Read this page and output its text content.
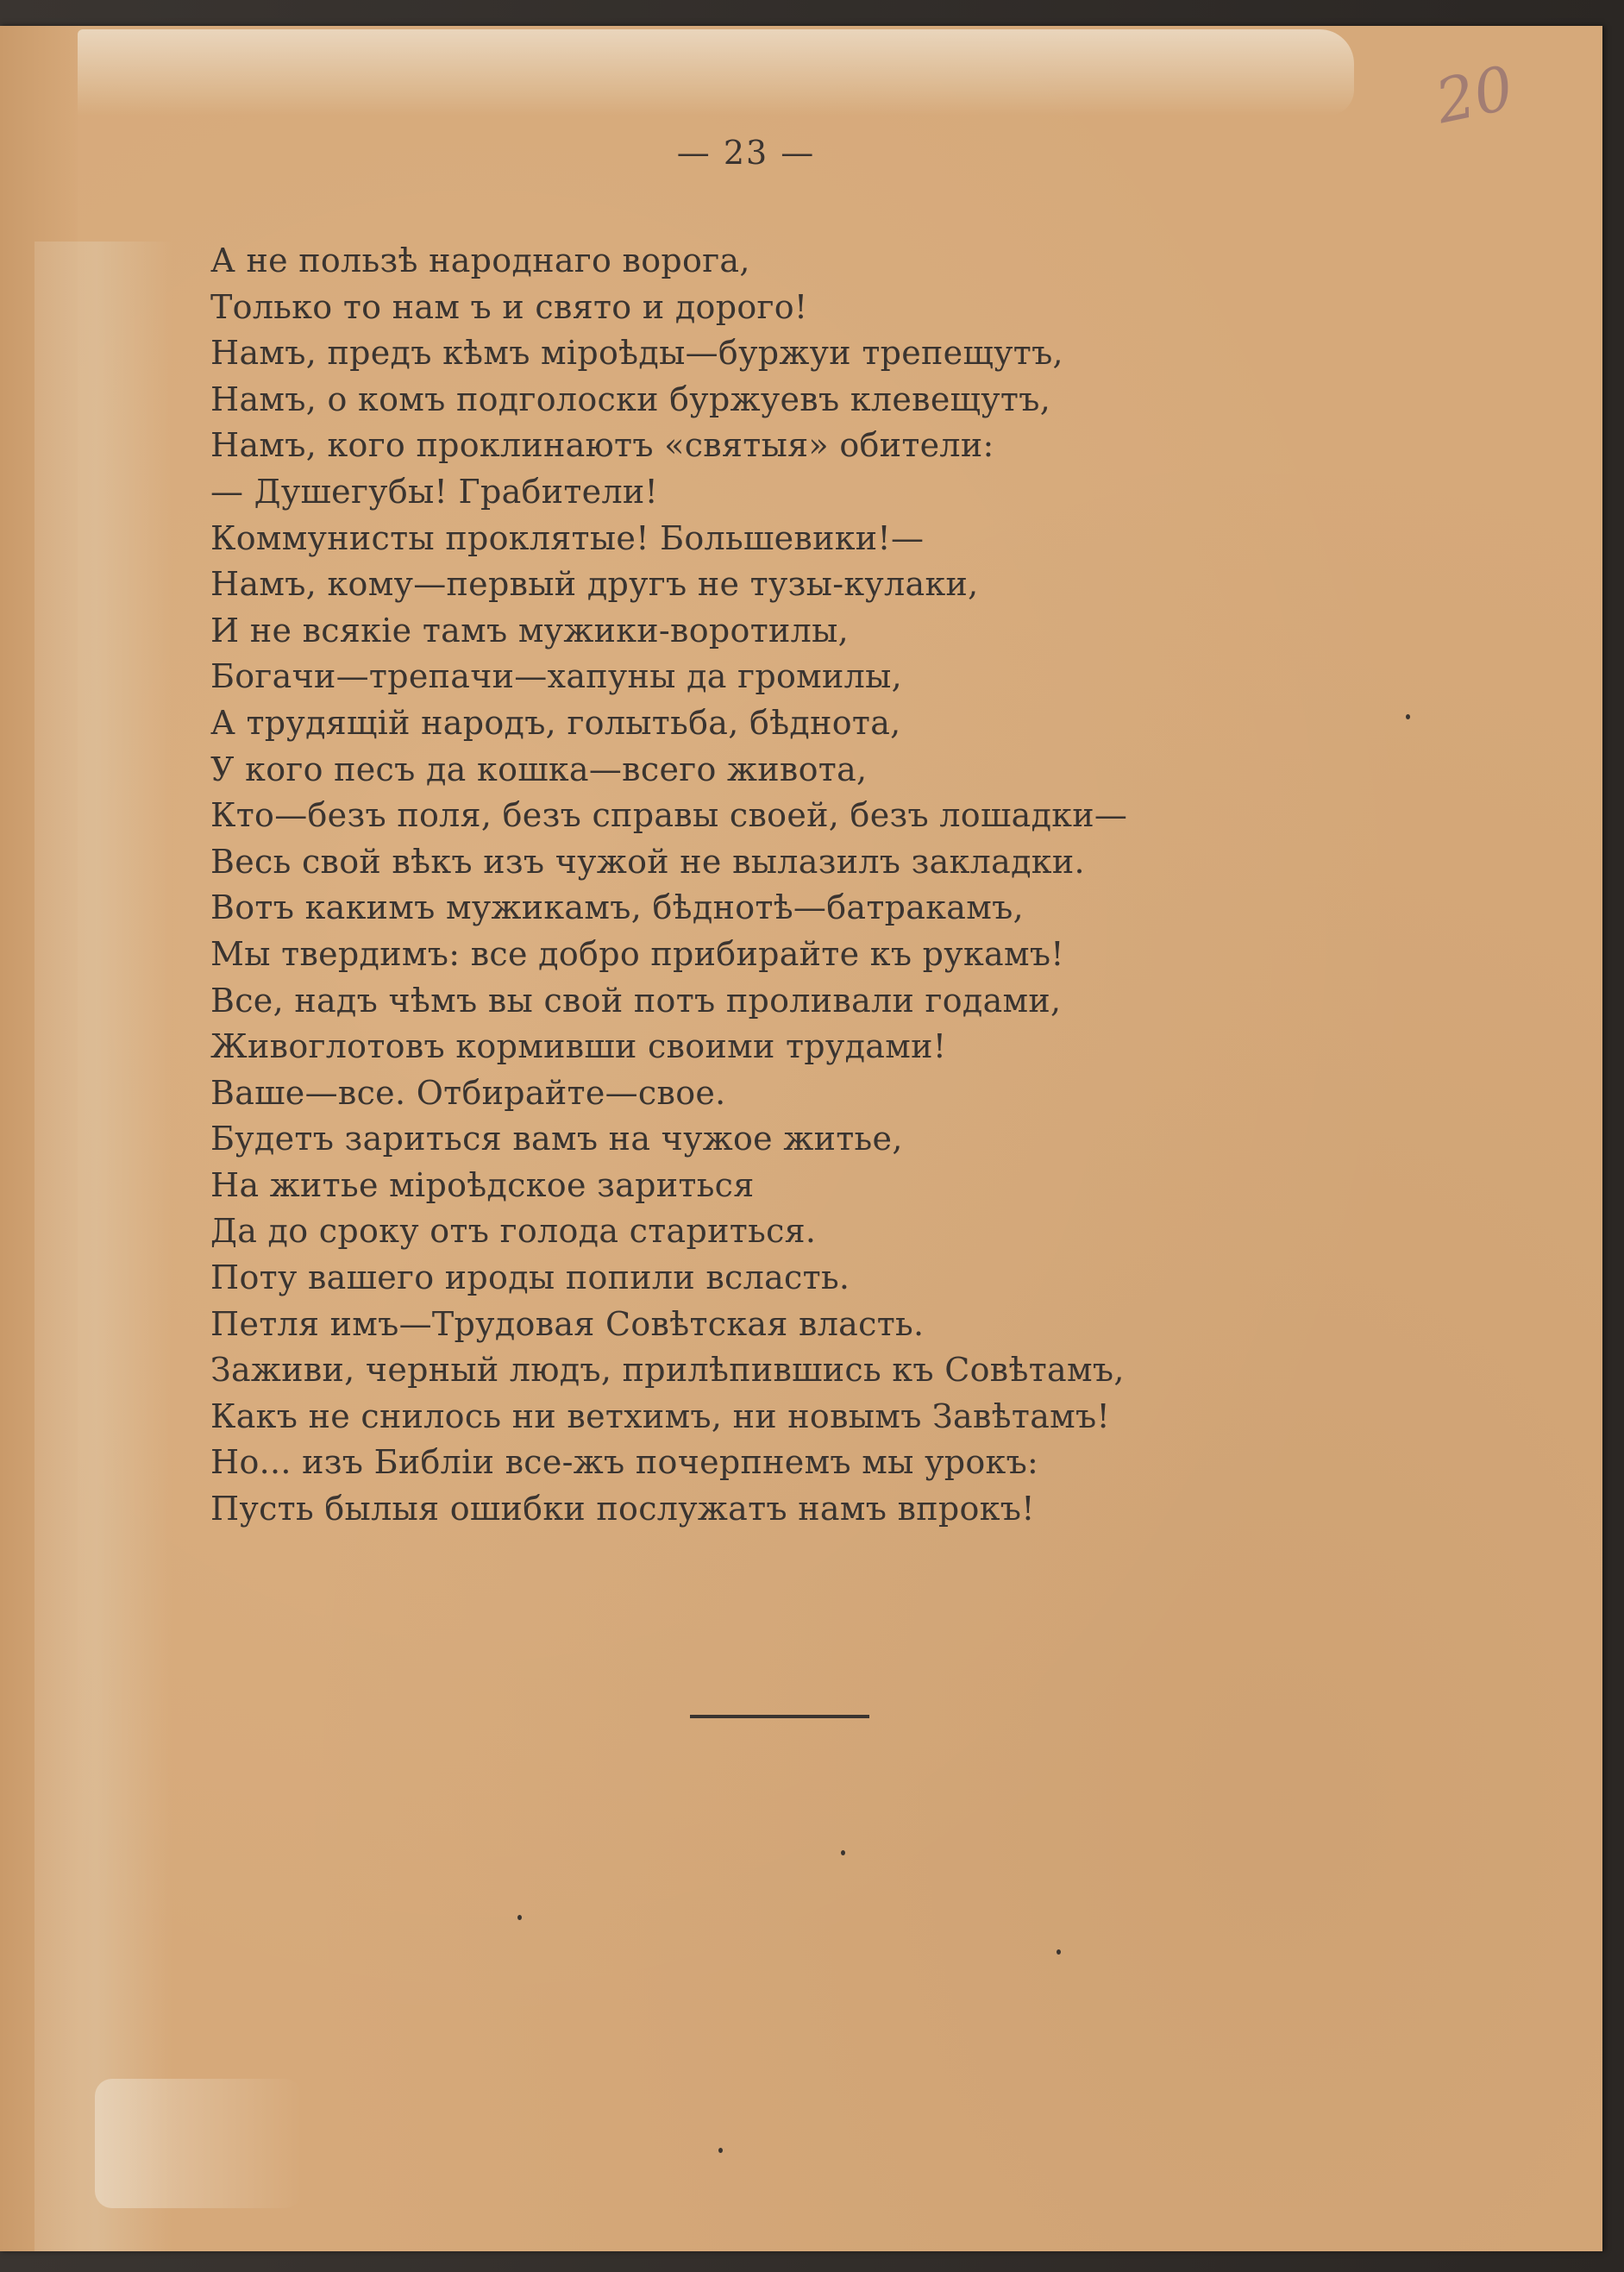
20
— 23 —
А не пользѣ народнаго ворога,
Только то нам ъ и свято и дорого!
Намъ, предъ кѣмъ міроѣды—буржуи трепещутъ,
Намъ, о комъ подголоски буржуевъ клевещутъ,
Намъ, кого проклинаютъ «святыя» обители:
— Душегубы! Грабители!
Коммунисты проклятые! Большевики!—
Намъ, кому—первый другъ не тузы-кулаки,
И не всякіе тамъ мужики-воротилы,
Богачи—трепачи—хапуны да громилы,
А трудящій народъ, голытьба, бѣднота,
У кого песъ да кошка—всего живота,
Кто—безъ поля, безъ справы своей, безъ лошадки—
Весь свой вѣкъ изъ чужой не вылазилъ закладки.
Вотъ какимъ мужикамъ, бѣднотѣ—батракамъ,
Мы твердимъ: все добро прибирайте къ рукамъ!
Все, надъ чѣмъ вы свой потъ проливали годами,
Живоглотовъ кормивши своими трудами!
Ваше—все. Отбирайте—свое.
Будетъ зариться вамъ на чужое житье,
На житье міроѣдское зариться
Да до сроку отъ голода стариться.
Поту вашего ироды попили всласть.
Петля имъ—Трудовая Совѣтская власть.
Заживи, черный людъ, прилѣпившись къ Совѣтамъ,
Какъ не снилось ни ветхимъ, ни новымъ Завѣтамъ!
Но... изъ Библіи все-жъ почерпнемъ мы урокъ:
Пусть былыя ошибки послужатъ намъ впрокъ!
